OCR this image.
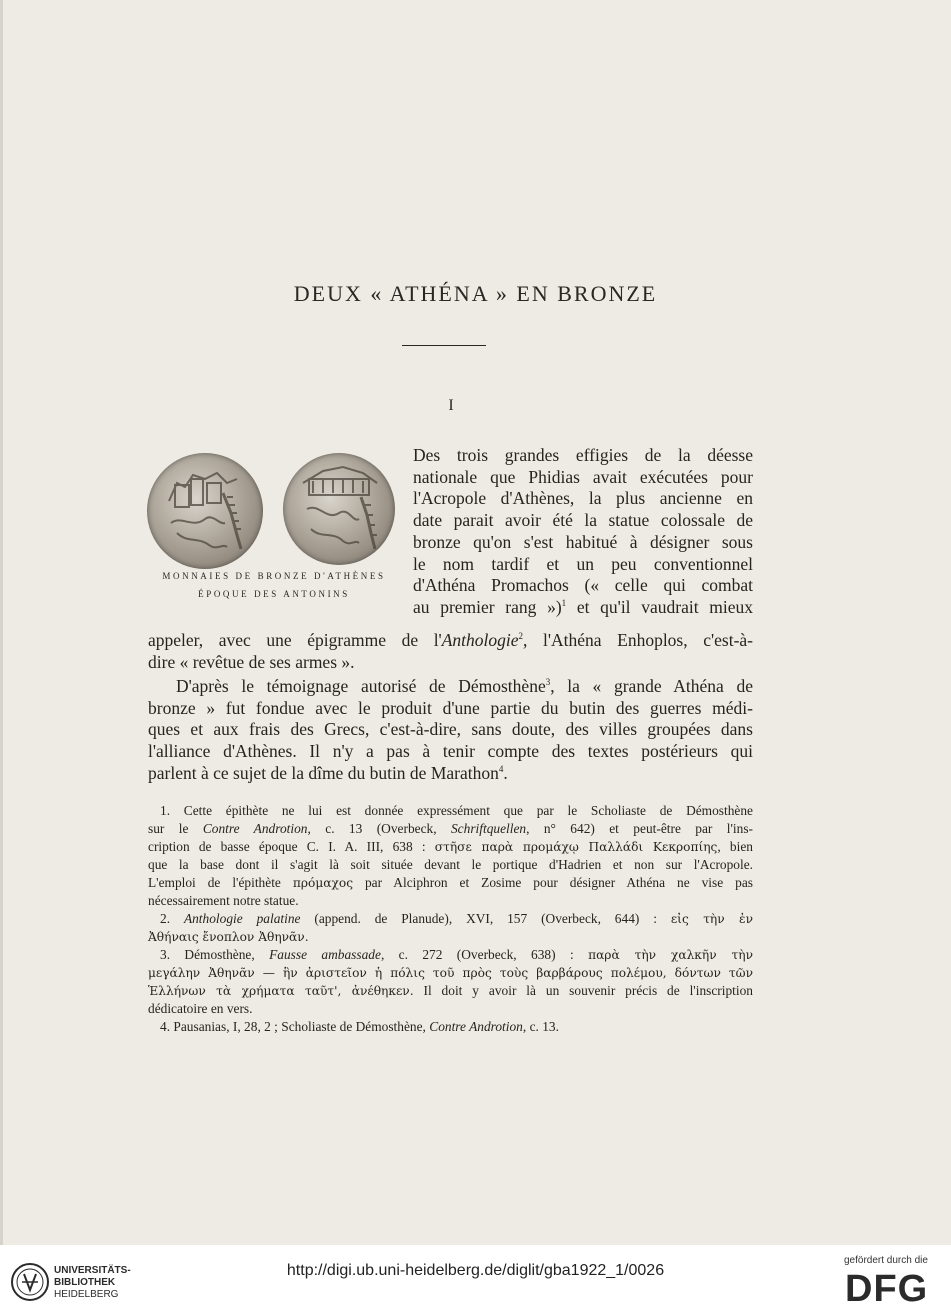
DEUX « ATHÉNA » EN BRONZE
I
MONNAIES DE BRONZE D'ATHÈNES
ÉPOQUE DES ANTONINS
Des trois grandes effigies de la déesse
nationale que Phidias avait exécutées pour
l'Acropole d'Athènes, la plus ancienne en
date parait avoir été la statue colossale de
bronze qu'on s'est habitué à désigner sous
le nom tardif et un peu conventionnel
d'Athéna Promachos (« celle qui combat
au premier rang »)$^1$ et qu'il vaudrait mieux
appeler, avec une épigramme de l'Anthologie$^2$, l'Athéna Enhoplos, c'est-à-
dire « revêtue de ses armes ».
D'après le témoignage autorisé de Démosthène$^3$, la « grande Athéna de
bronze » fut fondue avec le produit d'une partie du butin des guerres médi-
ques et aux frais des Grecs, c'est-à-dire, sans doute, des villes groupées dans
l'alliance d'Athènes. Il n'y a pas à tenir compte des textes postérieurs qui
parlent à ce sujet de la dîme du butin de Marathon$^4$.
1. Cette épithète ne lui est donnée expressément que par le Scholiaste de Démosthène
sur le Contre Androtion, c. 13 (Overbeck, Schriftquellen, n° 642) et peut-être par l'ins-
cription de basse époque C. I. A. III, 638 : στῆσε παρὰ προμάχῳ Παλλάδι Κεκροπίης, bien
que la base dont il s'agit là soit située devant le portique d'Hadrien et non sur l'Acropole.
L'emploi de l'épithète πρόμαχος par Alciphron et Zosime pour désigner Athéna ne vise pas
nécessairement notre statue.
2. Anthologie palatine (append. de Planude), XVI, 157 (Overbeck, 644) : εἰς τὴν ἐν
Ἀθήναις ἔνοπλον Ἀθηνᾶν.
3. Démosthène, Fausse ambassade, c. 272 (Overbeck, 638) : παρὰ τὴν χαλκῆν τὴν
μεγάλην Ἀθηνᾶν — ἣν ἀριστεῖον ἡ πόλις τοῦ πρὸς τοὺς βαρβάρους πολέμου, δόντων τῶν
Ἑλλήνων τὰ χρήματα ταῦτ', ἀνέθηκεν. Il doit y avoir là un souvenir précis de l'inscription
dédicatoire en vers.
4. Pausanias, I, 28, 2 ; Scholiaste de Démosthène, Contre Androtion, c. 13.
UNIVERSITÄTS-
BIBLIOTHEK
HEIDELBERG
http://digi.ub.uni-heidelberg.de/diglit/gba1922_1/0026
gefördert durch die
DFG
